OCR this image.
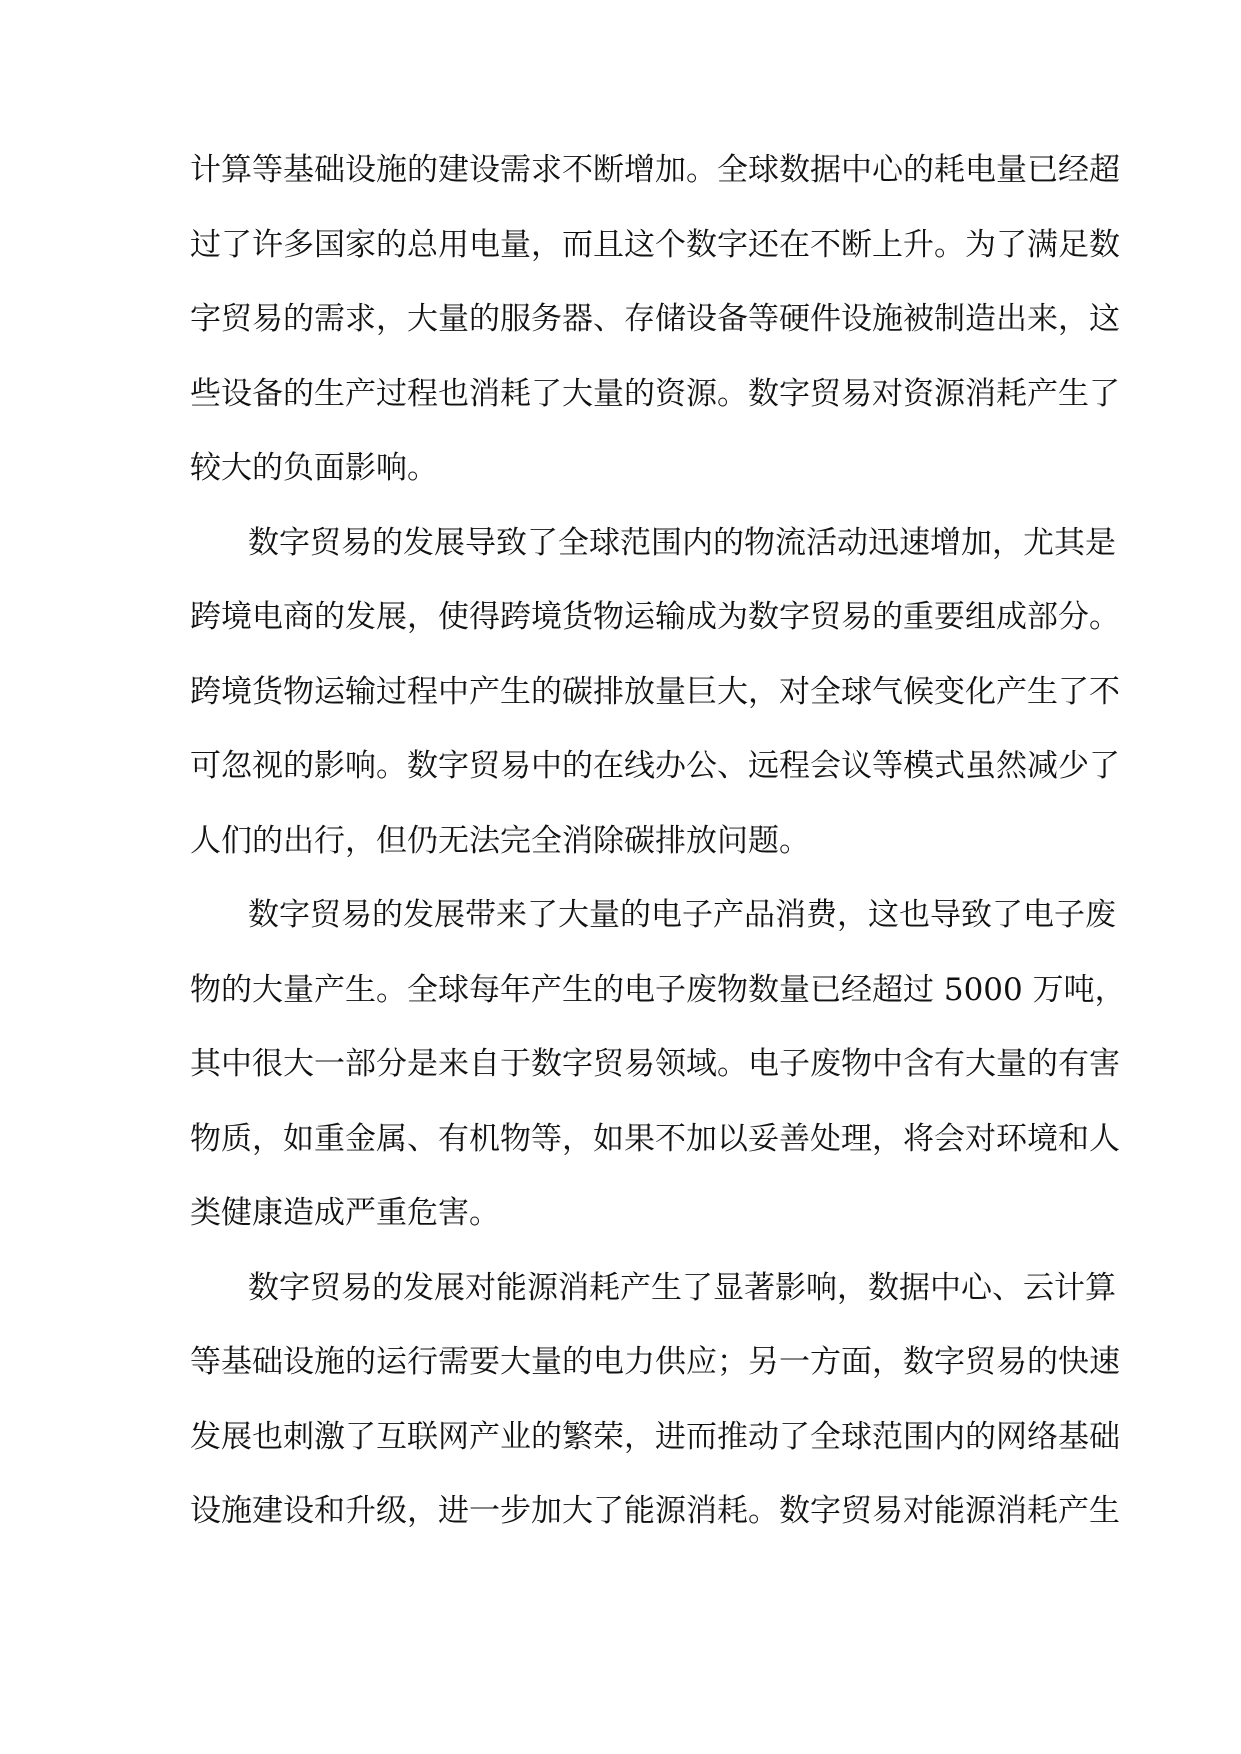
计算等基础设施的建设需求不断增加。全球数据中心的耗电量已经超
过了许多国家的总用电量，而且这个数字还在不断上升。为了满足数
字贸易的需求，大量的服务器、存储设备等硬件设施被制造出来，这
些设备的生产过程也消耗了大量的资源。数字贸易对资源消耗产生了
较大的负面影响。
数字贸易的发展导致了全球范围内的物流活动迅速增加，尤其是
跨境电商的发展，使得跨境货物运输成为数字贸易的重要组成部分。
跨境货物运输过程中产生的碳排放量巨大，对全球气候变化产生了不
可忽视的影响。数字贸易中的在线办公、远程会议等模式虽然减少了
人们的出行，但仍无法完全消除碳排放问题。
数字贸易的发展带来了大量的电子产品消费，这也导致了电子废
物的大量产生。全球每年产生的电子废物数量已经超过 5000 万吨，
其中很大一部分是来自于数字贸易领域。电子废物中含有大量的有害
物质，如重金属、有机物等，如果不加以妥善处理，将会对环境和人
类健康造成严重危害。
数字贸易的发展对能源消耗产生了显著影响，数据中心、云计算
等基础设施的运行需要大量的电力供应；另一方面，数字贸易的快速
发展也刺激了互联网产业的繁荣，进而推动了全球范围内的网络基础
设施建设和升级，进一步加大了能源消耗。数字贸易对能源消耗产生
